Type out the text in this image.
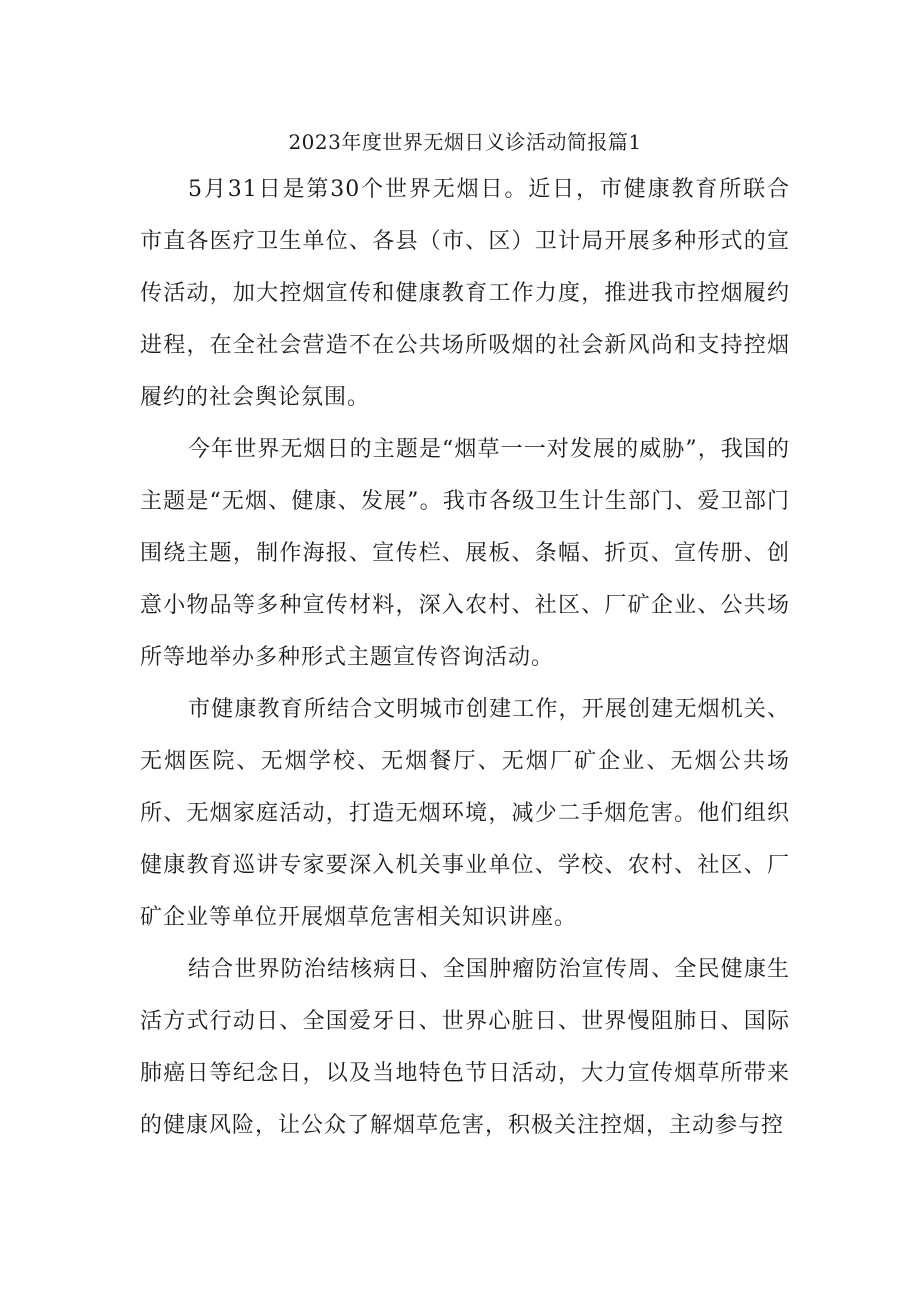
2023年度世界无烟日义诊活动简报篇1

5月31日是第30个世界无烟日。近日，市健康教育所联合市直各医疗卫生单位、各县（市、区）卫计局开展多种形式的宣传活动，加大控烟宣传和健康教育工作力度，推进我市控烟履约进程，在全社会营造不在公共场所吸烟的社会新风尚和支持控烟履约的社会舆论氛围。

今年世界无烟日的主题是“烟草一一对发展的威胁”，我国的主题是“无烟、健康、发展”。我市各级卫生计生部门、爱卫部门围绕主题，制作海报、宣传栏、展板、条幅、折页、宣传册、创意小物品等多种宣传材料，深入农村、社区、厂矿企业、公共场所等地举办多种形式主题宣传咨询活动。

市健康教育所结合文明城市创建工作，开展创建无烟机关、无烟医院、无烟学校、无烟餐厅、无烟厂矿企业、无烟公共场所、无烟家庭活动，打造无烟环境，减少二手烟危害。他们组织健康教育巡讲专家要深入机关事业单位、学校、农村、社区、厂矿企业等单位开展烟草危害相关知识讲座。

结合世界防治结核病日、全国肿瘤防治宣传周、全民健康生活方式行动日、全国爱牙日、世界心脏日、世界慢阻肺日、国际肺癌日等纪念日，以及当地特色节日活动，大力宣传烟草所带来的健康风险，让公众了解烟草危害，积极关注控烟，主动参与控
